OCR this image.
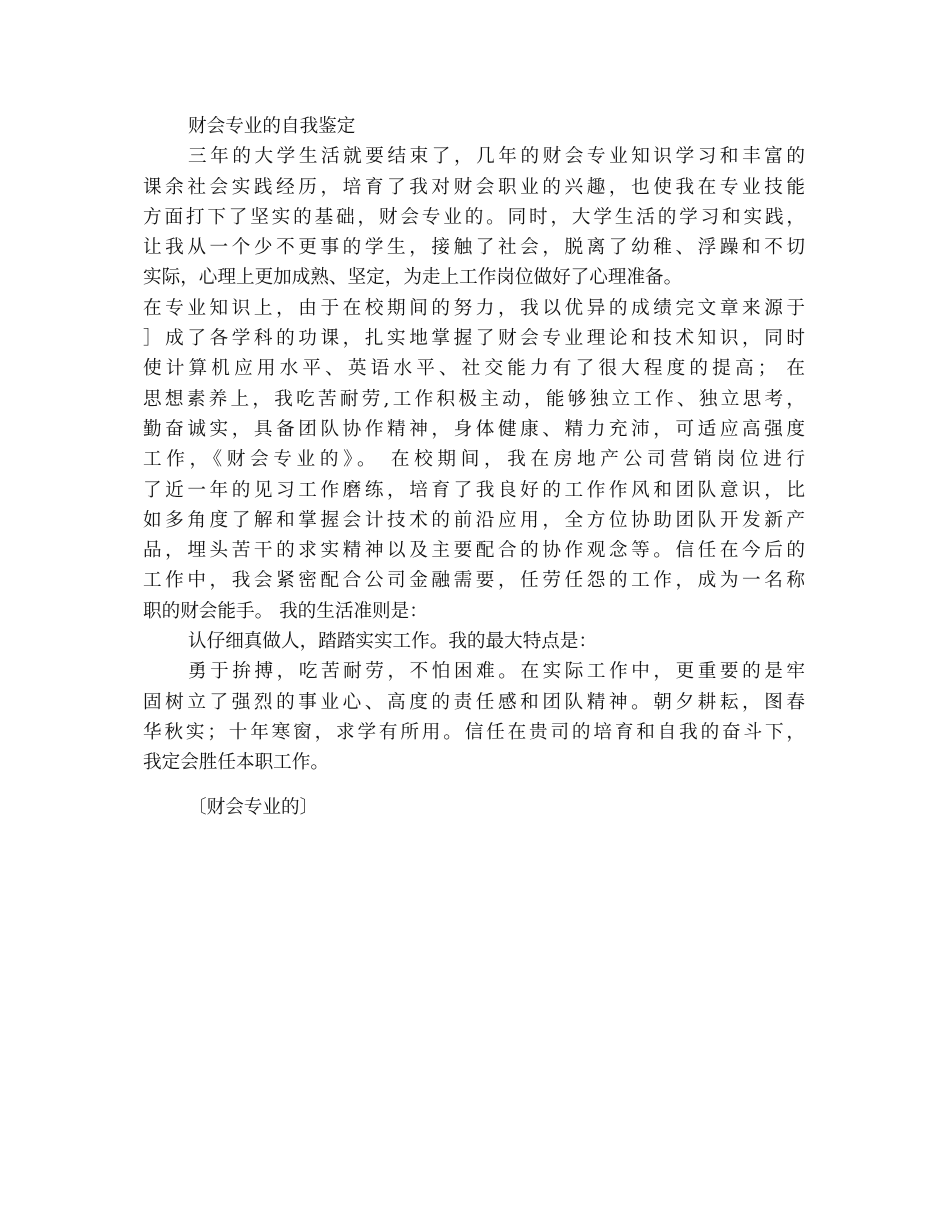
财会专业的自我鉴定
三年的大学生活就要结束了，几年的财会专业知识学习和丰富的
课余社会实践经历，培育了我对财会职业的兴趣，也使我在专业技能
方面打下了坚实的基础，财会专业的。同时，大学生活的学习和实践，
让我从一个少不更事的学生，接触了社会，脱离了幼稚、浮躁和不切
实际，心理上更加成熟、坚定，为走上工作岗位做好了心理准备。
在专业知识上，由于在校期间的努力，我以优异的成绩完文章来源于
］成了各学科的功课，扎实地掌握了财会专业理论和技术知识，同时
使计算机应用水平、英语水平、社交能力有了很大程度的提高； 在
思想素养上，我吃苦耐劳,工作积极主动，能够独立工作、独立思考，
勤奋诚实，具备团队协作精神，身体健康、精力充沛，可适应高强度
工作，《财会专业的》。 在校期间，我在房地产公司营销岗位进行
了近一年的见习工作磨练，培育了我良好的工作作风和团队意识，比
如多角度了解和掌握会计技术的前沿应用，全方位协助团队开发新产
品，埋头苦干的求实精神以及主要配合的协作观念等。信任在今后的
工作中，我会紧密配合公司金融需要，任劳任怨的工作，成为一名称
职的财会能手。 我的生活准则是：
认仔细真做人，踏踏实实工作。我的最大特点是：
勇于拚搏，吃苦耐劳，不怕困难。在实际工作中，更重要的是牢
固树立了强烈的事业心、高度的责任感和团队精神。朝夕耕耘，图春
华秋实；十年寒窗，求学有所用。信任在贵司的培育和自我的奋斗下，
我定会胜任本职工作。
〔财会专业的〕
